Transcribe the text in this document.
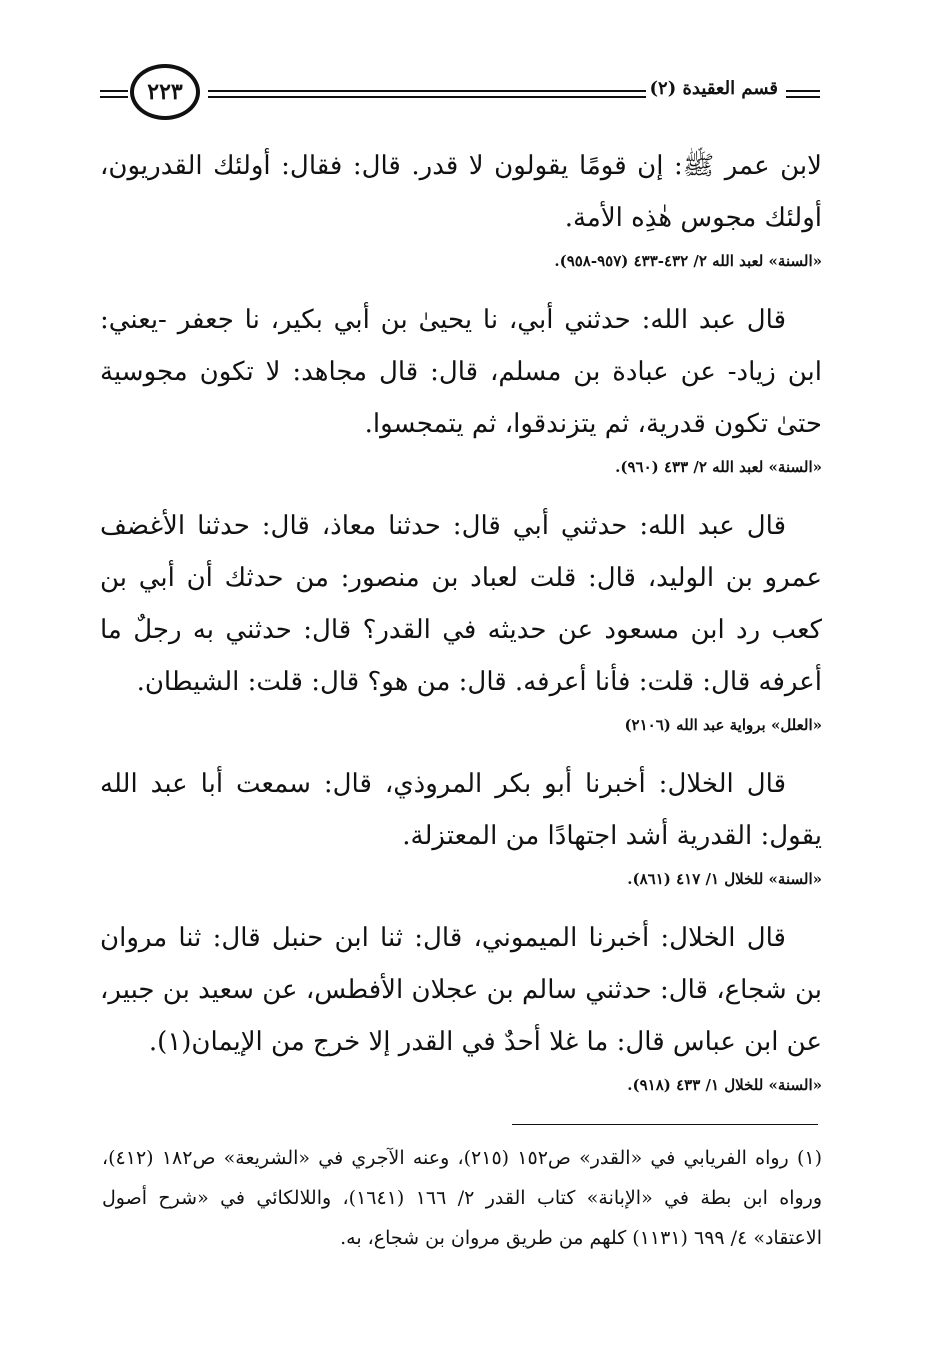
قسم العقيدة (٢)
٢٢٣

لابن عمر ﷺ: إن قومًا يقولون لا قدر. قال: فقال: أولئك القدريون، أولئك مجوس هٰذِه الأمة.

«السنة» لعبد الله ٢/ ٤٣٢-٤٣٣ (٩٥٧-٩٥٨).

قال عبد الله: حدثني أبي، نا يحيىٰ بن أبي بكير، نا جعفر -يعني: ابن زياد- عن عبادة بن مسلم، قال: قال مجاهد: لا تكون مجوسية حتىٰ تكون قدرية، ثم يتزندقوا، ثم يتمجسوا.

«السنة» لعبد الله ٢/ ٤٣٣ (٩٦٠).

قال عبد الله: حدثني أبي قال: حدثنا معاذ، قال: حدثنا الأغضف عمرو بن الوليد، قال: قلت لعباد بن منصور: من حدثك أن أبي بن كعب رد ابن مسعود عن حديثه في القدر؟ قال: حدثني به رجلٌ ما أعرفه قال: قلت: فأنا أعرفه. قال: من هو؟ قال: قلت: الشيطان.

«العلل» برواية عبد الله (٢١٠٦)

قال الخلال: أخبرنا أبو بكر المروذي، قال: سمعت أبا عبد الله يقول: القدرية أشد اجتهادًا من المعتزلة.

«السنة» للخلال ١/ ٤١٧ (٨٦١).

قال الخلال: أخبرنا الميموني، قال: ثنا ابن حنبل قال: ثنا مروان بن شجاع، قال: حدثني سالم بن عجلان الأفطس، عن سعيد بن جبير، عن ابن عباس قال: ما غلا أحدٌ في القدر إلا خرج من الإيمان(١).

«السنة» للخلال ١/ ٤٣٣ (٩١٨).

(١) رواه الفريابي في «القدر» ص١٥٢ (٢١٥)، وعنه الآجري في «الشريعة» ص١٨٢ (٤١٢)، ورواه ابن بطة في «الإبانة» كتاب القدر ٢/ ١٦٦ (١٦٤١)، واللالكائي في «شرح أصول الاعتقاد» ٤/ ٦٩٩ (١١٣١) كلهم من طريق مروان بن شجاع، به.
